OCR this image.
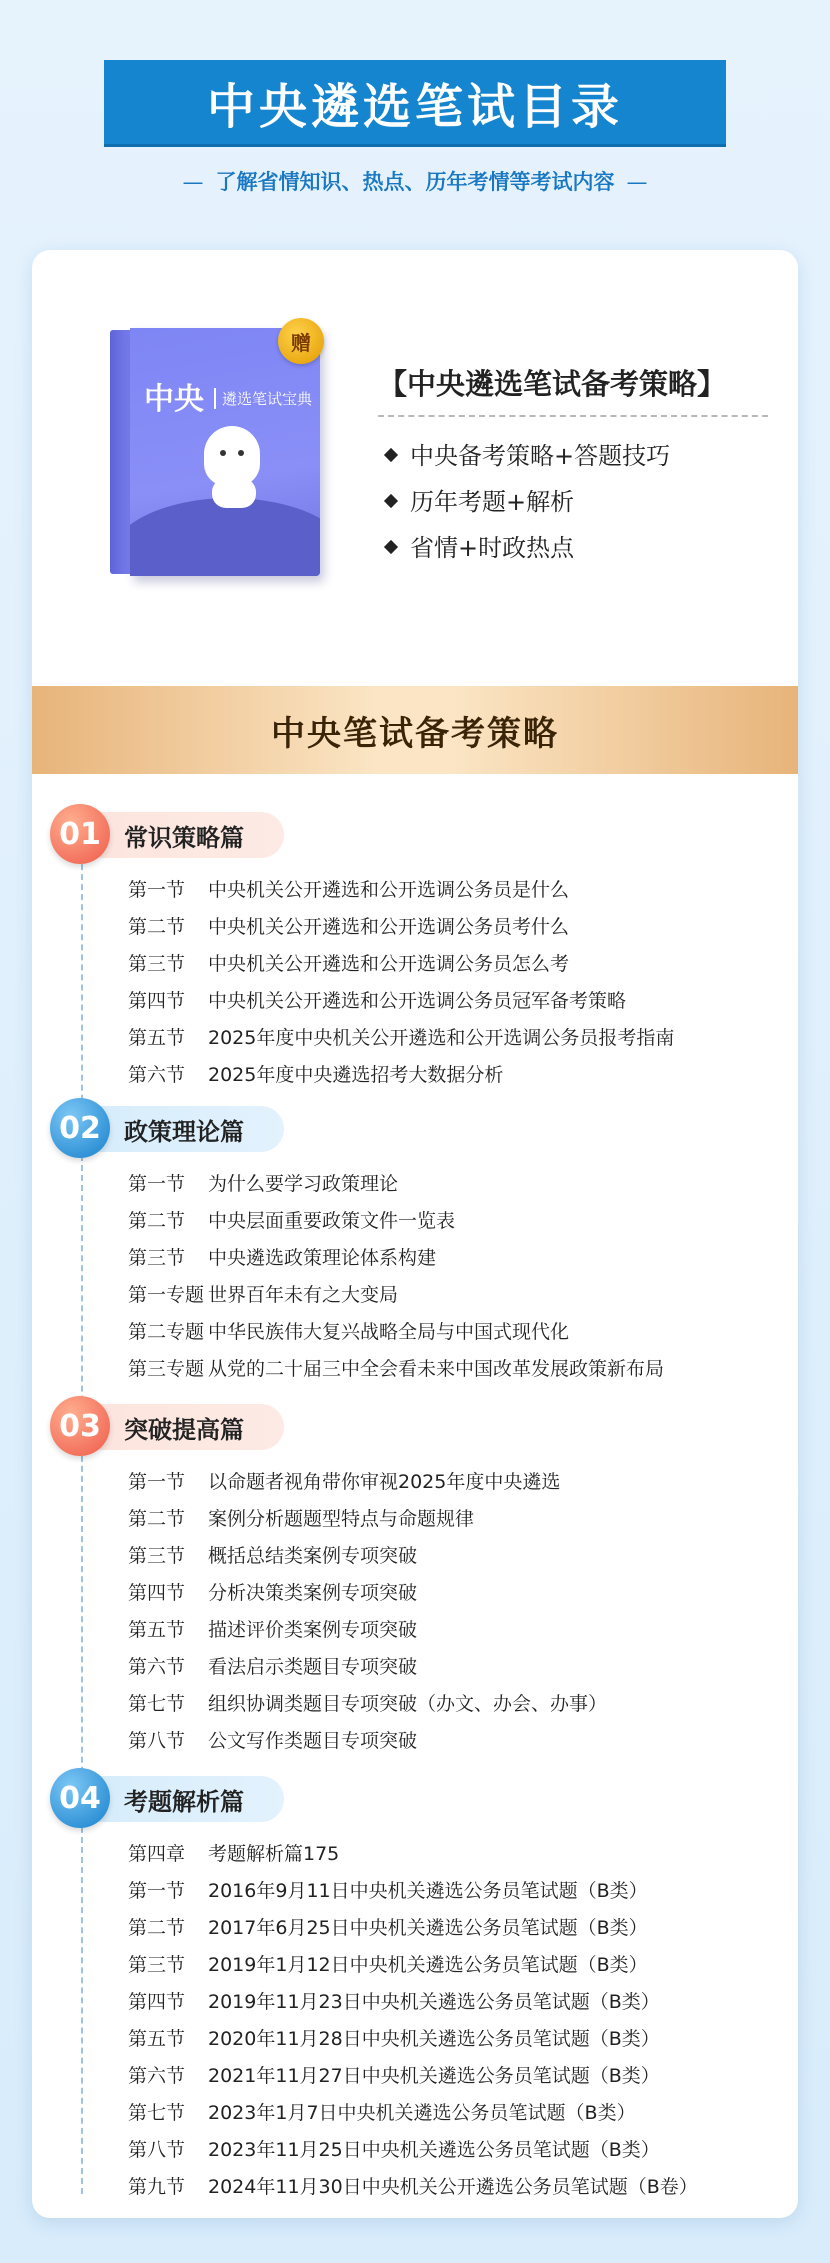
中央遴选笔试目录
— 了解省情知识、热点、历年考情等考试内容 —
中央	遴选笔试宝典
赠
【中央遴选笔试备考策略】
中央备考策略+答题技巧
历年考题+解析
省情+时政热点
中央笔试备考策略
常识策略篇
01
第一节 中央机关公开遴选和公开选调公务员是什么
第二节 中央机关公开遴选和公开选调公务员考什么
第三节 中央机关公开遴选和公开选调公务员怎么考
第四节 中央机关公开遴选和公开选调公务员冠军备考策略
第五节 2025年度中央机关公开遴选和公开选调公务员报考指南
第六节 2025年度中央遴选招考大数据分析
政策理论篇
02
第一节 为什么要学习政策理论
第二节 中央层面重要政策文件一览表
第三节 中央遴选政策理论体系构建
第一专题 世界百年未有之大变局
第二专题 中华民族伟大复兴战略全局与中国式现代化
第三专题 从党的二十届三中全会看未来中国改革发展政策新布局
突破提高篇
03
第一节 以命题者视角带你审视2025年度中央遴选
第二节 案例分析题题型特点与命题规律
第三节 概括总结类案例专项突破
第四节 分析决策类案例专项突破
第五节 描述评价类案例专项突破
第六节 看法启示类题目专项突破
第七节 组织协调类题目专项突破（办文、办会、办事）
第八节 公文写作类题目专项突破
考题解析篇
04
第四章 考题解析篇175
第一节 2016年9月11日中央机关遴选公务员笔试题（B类）
第二节 2017年6月25日中央机关遴选公务员笔试题（B类）
第三节 2019年1月12日中央机关遴选公务员笔试题（B类）
第四节 2019年11月23日中央机关遴选公务员笔试题（B类）
第五节 2020年11月28日中央机关遴选公务员笔试题（B类）
第六节 2021年11月27日中央机关遴选公务员笔试题（B类）
第七节 2023年1月7日中央机关遴选公务员笔试题（B类）
第八节 2023年11月25日中央机关遴选公务员笔试题（B类）
第九节 2024年11月30日中央机关公开遴选公务员笔试题（B卷）
